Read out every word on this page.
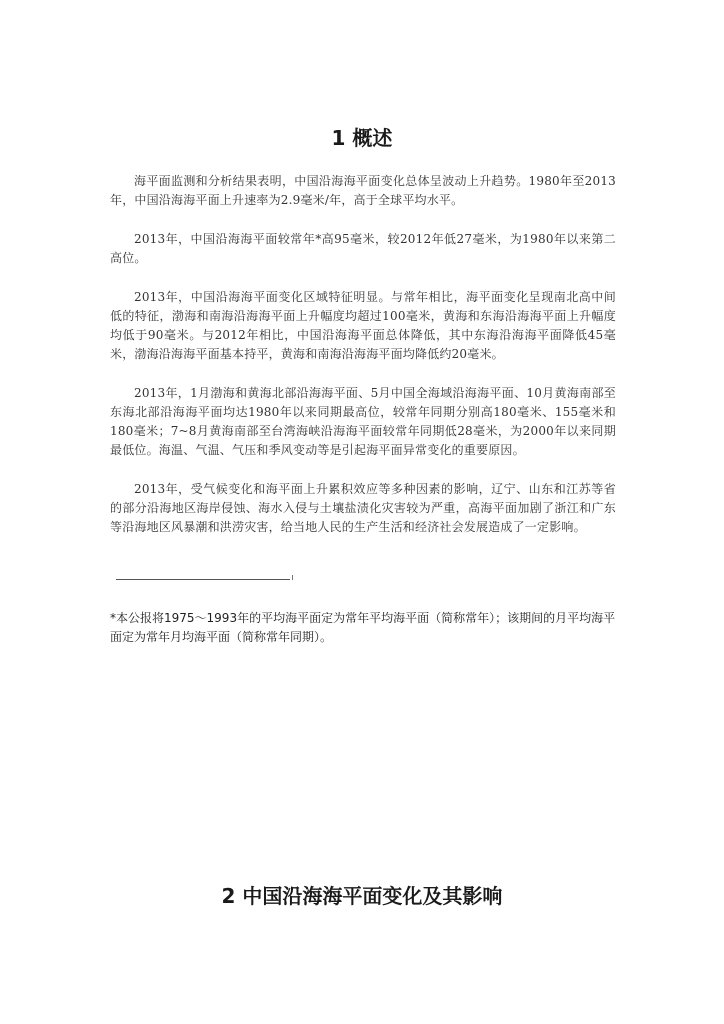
1 概述

海平面监测和分析结果表明，中国沿海海平面变化总体呈波动上升趋势。1980年至2013年，中国沿海海平面上升速率为2.9毫米/年，高于全球平均水平。

2013年，中国沿海海平面较常年*高95毫米，较2012年低27毫米，为1980年以来第二高位。

2013年，中国沿海海平面变化区域特征明显。与常年相比，海平面变化呈现南北高中间低的特征，渤海和南海沿海海平面上升幅度均超过100毫米，黄海和东海沿海海平面上升幅度均低于90毫米。与2012年相比，中国沿海海平面总体降低，其中东海沿海海平面降低45毫米，渤海沿海海平面基本持平，黄海和南海沿海海平面均降低约20毫米。

2013年，1月渤海和黄海北部沿海海平面、5月中国全海域沿海海平面、10月黄海南部至东海北部沿海海平面均达1980年以来同期最高位，较常年同期分别高180毫米、155毫米和180毫米；7~8月黄海南部至台湾海峡沿海海平面较常年同期低28毫米，为2000年以来同期最低位。海温、气温、气压和季风变动等是引起海平面异常变化的重要原因。

2013年，受气候变化和海平面上升累积效应等多种因素的影响，辽宁、山东和江苏等省的部分沿海地区海岸侵蚀、海水入侵与土壤盐渍化灾害较为严重，高海平面加剧了浙江和广东等沿海地区风暴潮和洪涝灾害，给当地人民的生产生活和经济社会发展造成了一定影响。

*本公报将1975～1993年的平均海平面定为常年平均海平面（简称常年）；该期间的月平均海平面定为常年月均海平面（简称常年同期）。
2 中国沿海海平面变化及其影响
